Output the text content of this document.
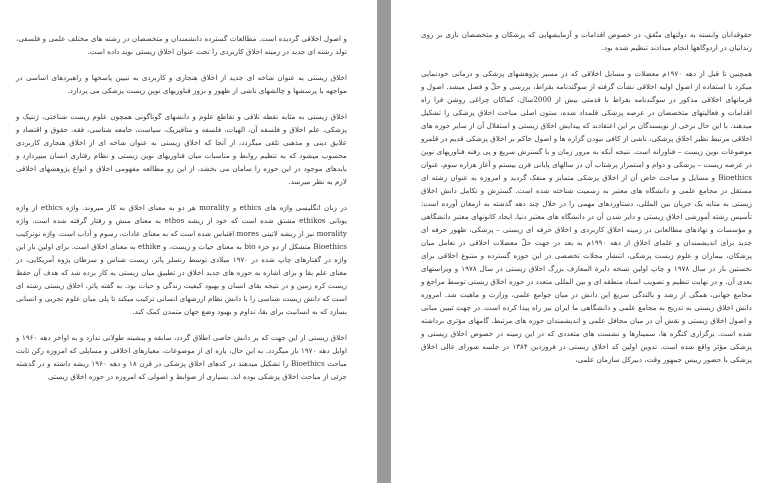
و اصول اخلاقی گردیده است. مطالعات گسترده دانشمندان و متخصصان در رشته های مختلف علمی و فلسفی، تولد رشته ای جدید در زمینه اخلاق کاربردی را تحت عنوان اخلاق زیستی نوید داده است.

اخلاق زیستی به عنوان شاخه ای جدید از اخلاق هنجاری و کاربردی به تبیین پاسخها و راهبردهای اساسی در مواجهه با پرسشها و چالشهای ناشی از ظهور و بروز فناوریهای نوین زیست پزشکی می پردازد.

اخلاق زیستی به مثابه نقطه تلاقی و تقاطع علوم و دانشهای گوناگونی همچون علوم زیست شناختی، ژنتیک و پزشکی، علم اخلاق و فلسفه آن، الهیات، فلسفه و متافیزیک، سیاست، جامعه شناسی، فقه، حقوق و اقتصاد و علایق دینی و مذهبی تلقی میگردد، از آنجا که اخلاق زیستی به عنوان شاخه ای از اخلاق هنجاری کاربردی محسوب میشود که به تنظیم روابط و مناسبات میان فناوریهای نوین زیستی و نظام رفتاری انسان میپردازد و بایدهای موجود در این حوزه را سامان می بخشد، از این رو مطالعه مفهومی اخلاق و انواع پژوهشهای اخلاقی لازم به نظر میرسد.

در زبان انگلیسی واژه های ethics و morality هر دو به معنای اخلاق به کار میروند. واژه ethics از واژه یونانی ethikos مشتق شده است که خود از ریشه ethos به معنای منش و رفتار گرفته شده است. واژه morality نیز از ریشه لاتینی mores اقتباس شده است که به معنای عادات، رسوم و آداب است. واژه نوترکیب Bioethics متشکل از دو جزء bio به معنای حیات و زیست، و ethike به معنای اخلاق است. برای اولین بار این واژه در گفتارهای چاپ شده در ۱۹۷۰ میلادی توسط رنسلر پاتر، زیست شناس و سرطان پژوه آمریکایی، در معنای علم بقا و برای اشاره به حوزه های جدید اخلاق در تطبیق میان زیستی به کار برده شد که هدف آن حفظ زیست کره زمین و در نتیجه بقای انسان و بهبود کیفیت زندگی و حیات بود. به گفته پاتر، اخلاق زیستی رشته ای است که دانش زیست شناسی را با دانش نظام ارزشهای انسانی ترکیب میکند تا پلی میان علوم تجربی و انسانی بسازد که به انسانیت برای بقا، تداوم و بهبود وضع جهان متمدن کمک کند.

اخلاق زیستی از این جهت که بر دانش خاصی اطلاق گردد، سابقه و پیشینه طولانی ندارد و به اواخر دهه ۱۹۶۰ و اوایل دهه ۱۹۷۰ باز میگردد. به این حال، پاره ای از موضوعات، معیارهای اخلاقی و مسایلی که امروزه رکن ثابت مباحث Bioethics را تشکیل میدهند در کدهای اخلاق پزشکی در قرن ۱۸ و دهه ۱۹۶۰ ریشه داشته و در گذشته جزئی از مباحث اخلاق پزشکی بوده اند. بسیاری از ضوابط و اصولی که امروزه در حوزه اخلاق زیستی

حقوقدانان وابسته به دولتهای متّفق، در خصوص اقدامات و آزمایشهایی که پزشکان و متخصصان نازی بر روی زندانیان در اردوگاهها انجام میدادند تنظیم شده بود.

همچنین تا قبل از دهه ۱۹۷۰م معضلات و مسایل اخلاقی که در مسیر پژوهشهای پزشکی و درمانی خودنمایی میکرد با استفاده از اصول اولیه اخلاقی نشأت گرفته از سوگندنامه بقراط، بررسی و حلّ و فصل میشد. اصول و قرمانهای اخلاقی مذکور در سوگندنامه بقراط با قدمتی بیش از 2000سال، کماکان چراغی روشن فرا راه اقدامات و فعالیتهای متخصصان در عرصه پزشکی قلمداد شده، ستون اصلی مباحث اخلاق پزشکی را تشکیل میدهند. با این حال برخی از نویسندگان بر این اعتقادند که پیدایش اخلاق زیستی و استقلال آن از سایر حوزه های اخلاقی مرتبط نظیر اخلاق پزشکی، ناشی از کافی نبودن گزاره ها و اصول حاکم بر اخلاق پزشکی قدیم در قلمرو موضوعات نوین زیست – فناورانه است. نتیجه آنکه به مرور زمان و با گسترش سریع و پی رفته فناوریهای نوین در عرصه زیست – پزشکی و دوام و استمرار پرشتاب آن در سالهای پایانی قرن بیستم و آغاز هزاره سوم، عنوان Bioethics و مسایل و مباحث خاص آن از اخلاق پزشکی متمایز و منفک گردید و امروزه به عنوان رشته ای مستقل در مجامع علمی و دانشگاه های معتبر به رسمیت شناخته شده است. گسترش و تکامل دانش اخلاق زیستی به مثابه یک جریان بین المللی، دستاوردهای مهمی را در خلال چند دهه گذشته به ارمغان آورده است: تأسیس رشته آموزشی اخلاق زیستی و دایر شدن آن در دانشگاه های معتبر دنیا، ایجاد کانونهای معتبر دانشگاهی و مؤسسات و نهادهای مطالعاتی در زمینه اخلاق کاربردی و اخلاق حرفه ای زیستی – پزشکی، ظهور حرفه ای جدید برای اندیشمندان و علمای اخلاق از دهه ۱۹۹۰م به بعد در جهت حلّ معضلات اخلاقی در تعامل میان پزشکان، بیماران و علوم زیست پزشکی، انتشار مجلات تخصصی در این حوزه گسترده و متنوع اخلاقی برای نخستین بار در سال ۱۹۷۸ و چاپ اولین نسخه دایرة المعارف بزرگ اخلاق زیستی در سال ۱۹۷۸ و ویراستهای بعدی آن، و در نهایت تنظیم و تصویب اسناد منطقه ای و بین المللی متعدد در حوزه اخلاق زیستی توسط مراجع و مجامع جهانی، همگی از رشد و بالندگی سریع این دانش در میان جوامع علمی، وزارت و ماهیت شد. امروزه دانش اخلاق زیستی به تدریج به مجامع علمی و دانشگاهی ما ایران نیز راه پیدا کرده است. در جهت تبیین مبانی و اصول اخلاق زیستی و نقش آن در میان محافل علمی و اندیشمندان حوزه های مرتبط، گامهای مؤثری برداشته شده است. برگزاری کنگره ها، سمینارها و نشست های متعددی که در این زمینه در خصوص اخلاق زیستی و پزشکی مؤثر واقع شده است. تدوین اولین کد اخلاق زیستی در فروردین ۱۳۸۴ در جلسه شورای عالی اخلاق پزشکی با حضور رییس جمهور وقت، دبیرکل سازمان علمی،
